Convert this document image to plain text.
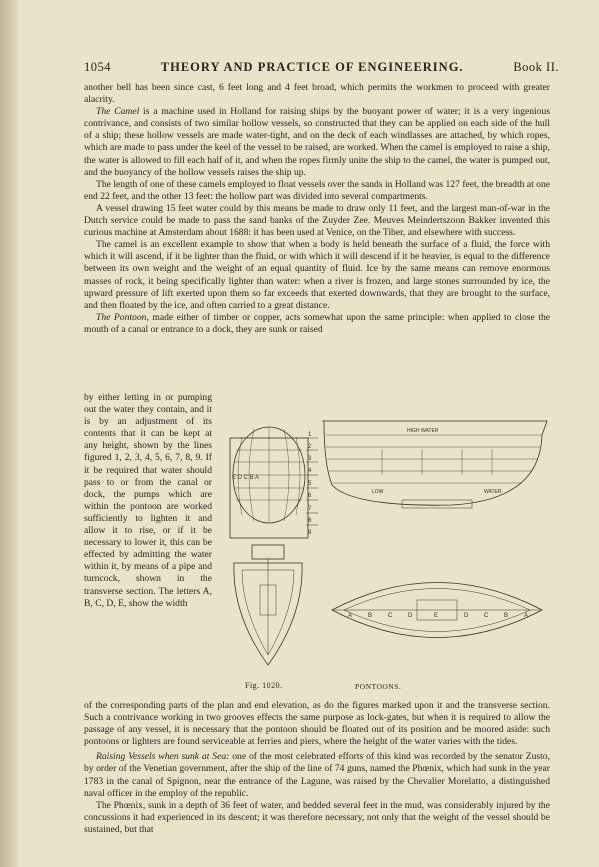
1054	THEORY AND PRACTICE OF ENGINEERING.	Book II.

another bell has been since cast, 6 feet long and 4 feet broad, which permits the workmen to proceed with greater alacrity.

The Camel is a machine used in Holland for raising ships by the buoyant power of water; it is a very ingenious contrivance, and consists of two similar hollow vessels, so constructed that they can be applied on each side of the hull of a ship; these hollow vessels are made water-tight, and on the deck of each windlasses are attached, by which ropes, which are made to pass under the keel of the vessel to be raised, are worked. When the camel is employed to raise a ship, the water is allowed to fill each half of it, and when the ropes firmly unite the ship to the camel, the water is pumped out, and the buoyancy of the hollow vessels raises the ship up.

The length of one of these camels employed to float vessels over the sands in Holland was 127 feet, the breadth at one end 22 feet, and the other 13 feet: the hollow part was divided into several compartments.

A vessel drawing 15 feet water could by this means be made to draw only 11 feet, and the largest man-of-war in the Dutch service could be made to pass the sand banks of the Zuyder Zee. Meuves Meindertszoon Bakker invented this curious machine at Amsterdam about 1688: it has been used at Venice, on the Tiber, and elsewhere with success.

The camel is an excellent example to show that when a body is held beneath the surface of a fluid, the force with which it will ascend, if it be lighter than the fluid, or with which it will descend if it be heavier, is equal to the difference between its own weight and the weight of an equal quantity of fluid. Ice by the same means can remove enormous masses of rock, it being specifically lighter than water: when a river is frozen, and large stones surrounded by ice, the upward pressure of lift exerted upon them so far exceeds that exerted downwards, that they are brought to the surface, and then floated by the ice, and often carried to a great distance.

The Pontoon, made either of timber or copper, acts somewhat upon the same principle: when applied to close the mouth of a canal or entrance to a dock, they are sunk or raised

by either letting in or pumping out the water they contain, and it is by an adjustment of its contents that it can be kept at any height, shown by the lines figured 1, 2, 3, 4, 5, 6, 7, 8, 9. If it be required that water should pass to or from the canal or dock, the pumps which are within the pontoon are worked sufficiently to lighten it and allow it to rise, or if it be necessary to lower it, this can be effected by admitting the water within it, by means of a pipe and turncock, shown in the transverse section. The letters A, B, C, D, E, show the width
E D C B A
1
2
3
4
5
6
7
8
9
HIGH WATER
LOW	WATER
A	B	C	D	E	D	C	B	A
Fig. 1020.	PONTOONS.

of the corresponding parts of the plan and end elevation, as do the figures marked upon it and the transverse section. Such a contrivance working in two grooves effects the same purpose as lock-gates, but when it is required to allow the passage of any vessel, it is necessary that the pontoon should be floated out of its position and be moored aside: such pontoons or lighters are found serviceable at ferries and piers, where the height of the water varies with the tides.

Raising Vessels when sunk at Sea: one of the most celebrated efforts of this kind was recorded by the senator Zusto, by order of the Venetian government, after the ship of the line of 74 guns, named the Phœnix, which had sunk in the year 1783 in the canal of Spignon, near the entrance of the Lagune, was raised by the Chevalier Morelatto, a distinguished naval officer in the employ of the republic.

The Phœnix, sunk in a depth of 36 feet of water, and bedded several feet in the mud, was considerably injured by the concussions it had experienced in its descent; it was therefore necessary, not only that the weight of the vessel should be sustained, but that
